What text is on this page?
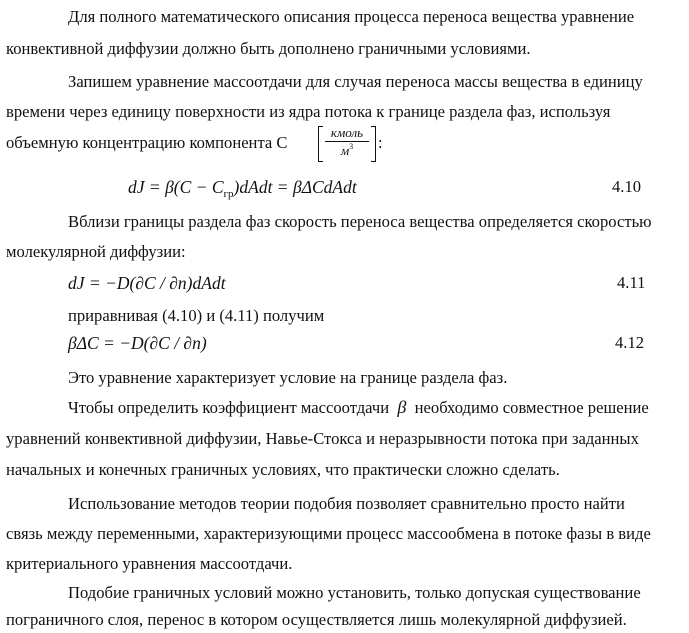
Для полного математического описания процесса переноса вещества уравнение
конвективной диффузии должно быть дополнено граничными условиями.
Запишем уравнение массоотдачи для случая переноса массы вещества в единицу
времени через единицу поверхности из ядра потока к границе раздела фаз, используя
объемную концентрацию компонента С
кмоль
$м^3$	:
dJ = $\beta(C - C_{гр})dAdt$ = βΔCdAdt	4.10
Вблизи границы раздела фаз скорость переноса вещества определяется скоростью
молекулярной диффузии:
dJ = −D(∂C / ∂n)dAdt	4.11
приравнивая (4.10) и (4.11) получим
βΔC = −D(∂C / ∂n)	4.12
Это уравнение характеризует условие на границе раздела фаз.
Чтобы определить коэффициент массоотдачи β необходимо совместное решение
уравнений конвективной диффузии, Навье-Стокса и неразрывности потока при заданных
начальных и конечных граничных условиях, что практически сложно сделать.
Использование методов теории подобия позволяет сравнительно просто найти
связь между переменными, характеризующими процесс массообмена в потоке фазы в виде
критериального уравнения массоотдачи.
Подобие граничных условий можно установить, только допуская существование
пограничного слоя, перенос в котором осуществляется лишь молекулярной диффузией.
